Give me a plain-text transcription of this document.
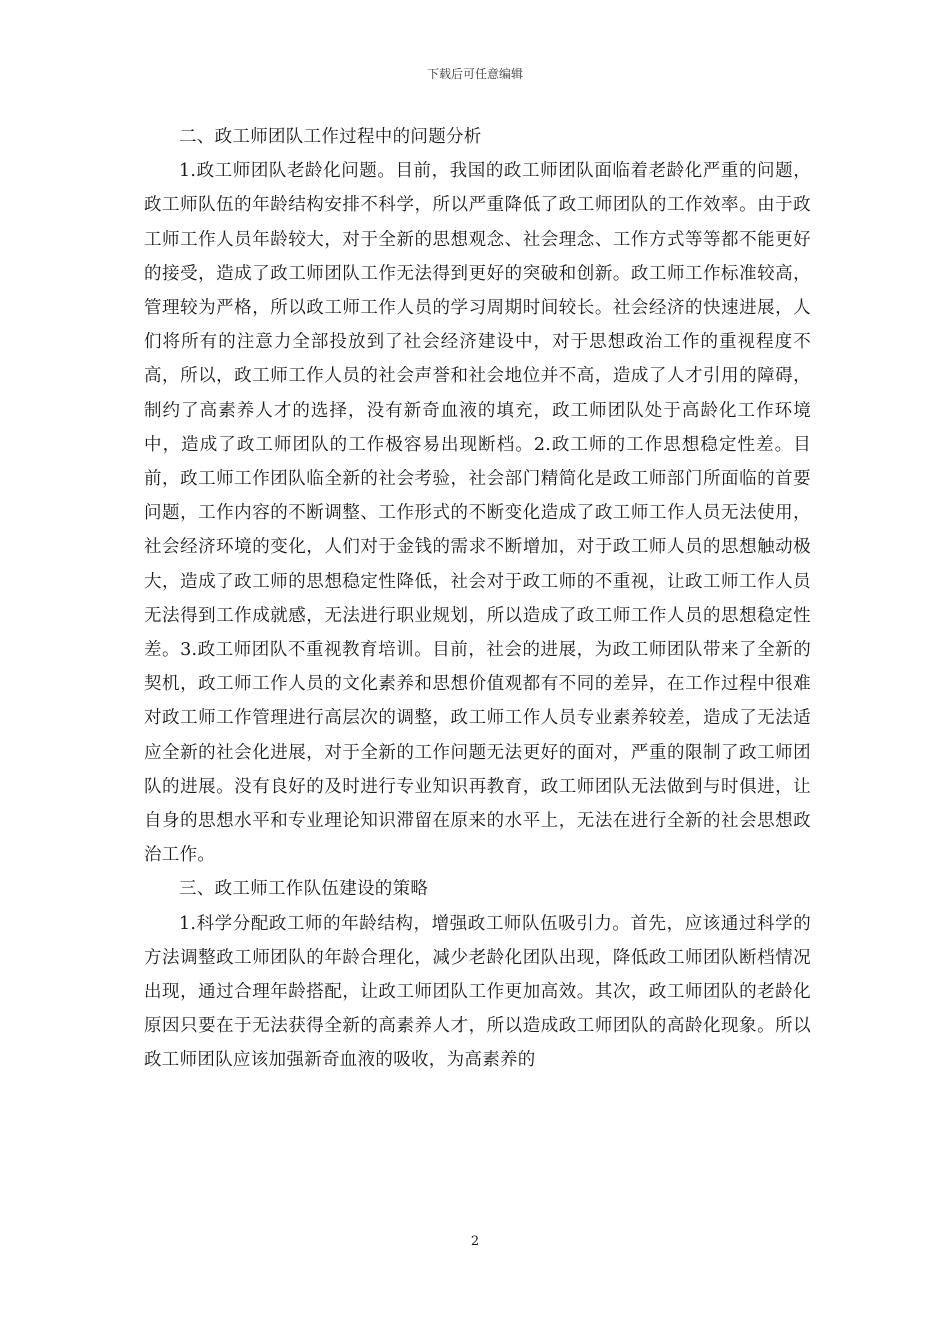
下载后可任意编辑

二、政工师团队工作过程中的问题分析

1.政工师团队老龄化问题。目前，我国的政工师团队面临着老龄化严重的问题，政工师队伍的年龄结构安排不科学，所以严重降低了政工师团队的工作效率。由于政工师工作人员年龄较大，对于全新的思想观念、社会理念、工作方式等等都不能更好的接受，造成了政工师团队工作无法得到更好的突破和创新。政工师工作标准较高，管理较为严格，所以政工师工作人员的学习周期时间较长。社会经济的快速进展，人们将所有的注意力全部投放到了社会经济建设中，对于思想政治工作的重视程度不高，所以，政工师工作人员的社会声誉和社会地位并不高，造成了人才引用的障碍，制约了高素养人才的选择，没有新奇血液的填充，政工师团队处于高龄化工作环境中，造成了政工师团队的工作极容易出现断档。2.政工师的工作思想稳定性差。目前，政工师工作团队临全新的社会考验，社会部门精简化是政工师部门所面临的首要问题，工作内容的不断调整、工作形式的不断变化造成了政工师工作人员无法使用，社会经济环境的变化，人们对于金钱的需求不断增加，对于政工师人员的思想触动极大，造成了政工师的思想稳定性降低，社会对于政工师的不重视，让政工师工作人员无法得到工作成就感，无法进行职业规划，所以造成了政工师工作人员的思想稳定性差。3.政工师团队不重视教育培训。目前，社会的进展，为政工师团队带来了全新的契机，政工师工作人员的文化素养和思想价值观都有不同的差异，在工作过程中很难对政工师工作管理进行高层次的调整，政工师工作人员专业素养较差，造成了无法适应全新的社会化进展，对于全新的工作问题无法更好的面对，严重的限制了政工师团队的进展。没有良好的及时进行专业知识再教育，政工师团队无法做到与时俱进，让自身的思想水平和专业理论知识滞留在原来的水平上，无法在进行全新的社会思想政治工作。

三、政工师工作队伍建设的策略

1.科学分配政工师的年龄结构，增强政工师队伍吸引力。首先，应该通过科学的方法调整政工师团队的年龄合理化，减少老龄化团队出现，降低政工师团队断档情况出现，通过合理年龄搭配，让政工师团队工作更加高效。其次，政工师团队的老龄化原因只要在于无法获得全新的高素养人才，所以造成政工师团队的高龄化现象。所以政工师团队应该加强新奇血液的吸收，为高素养的

2
